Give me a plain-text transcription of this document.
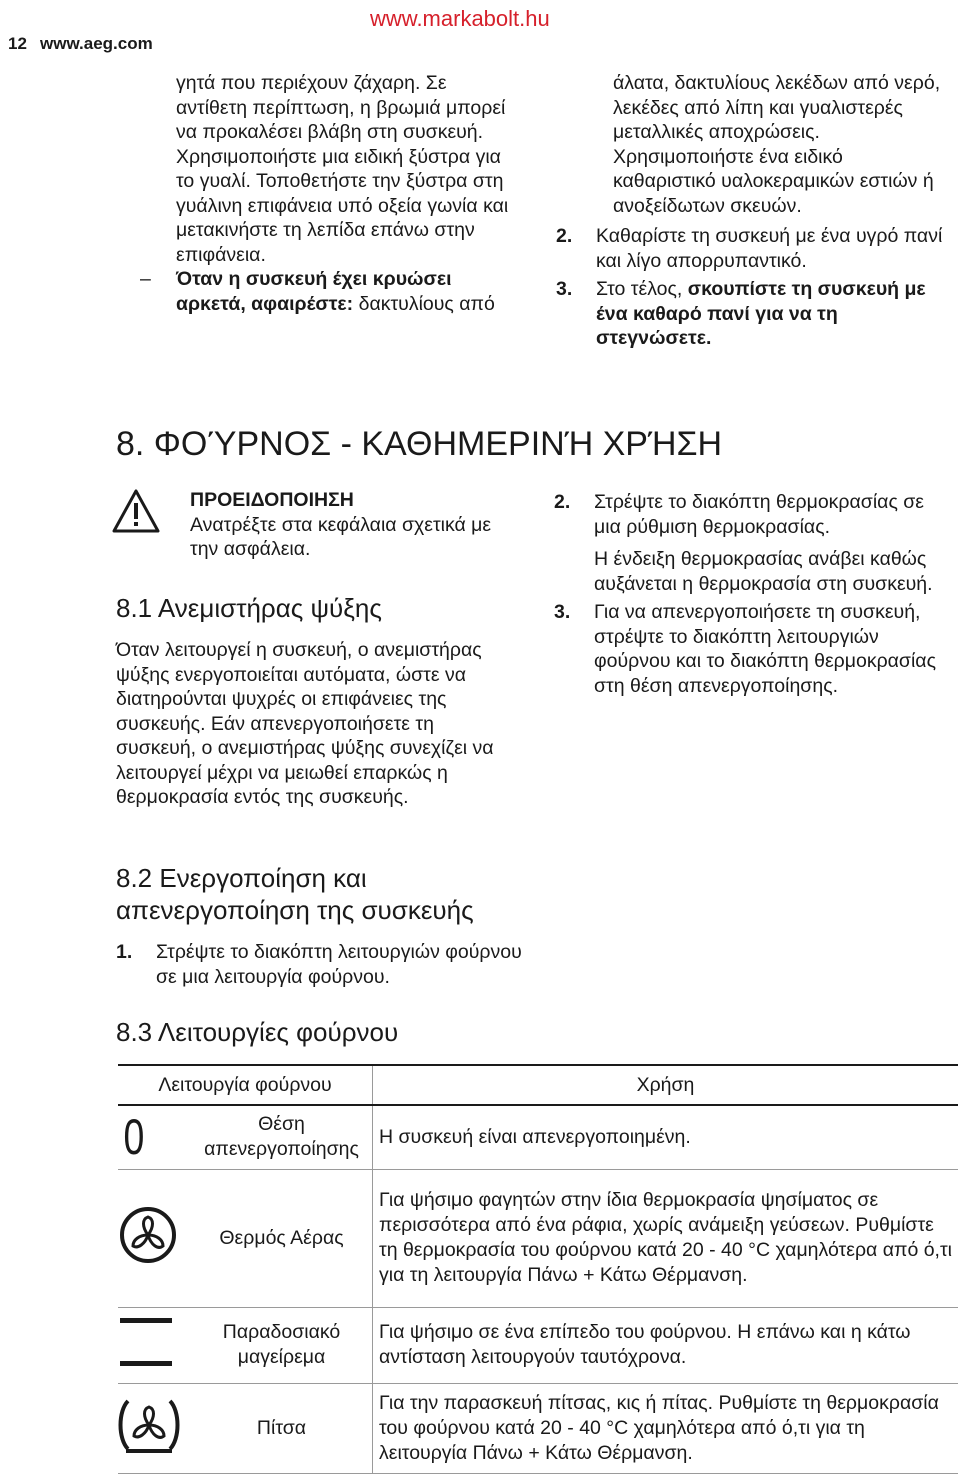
12 www.aeg.com
www.markabolt.hu

γητά που περιέχουν ζάχαρη. Σε αντίθετη περίπτωση, η βρωμιά μπορεί να προκαλέσει βλάβη στη συσκευή. Χρησιμοποιήστε μια ειδική ξύστρα για το γυαλί. Τοποθετήστε την ξύστρα στη γυάλινη επιφάνεια υπό οξεία γωνία και μετακινήστε τη λεπίδα επάνω στην επιφάνεια.

– Όταν η συσκευή έχει κρυώσει αρκετά, αφαιρέστε: δακτυλίους από

άλατα, δακτυλίους λεκέδων από νερό, λεκέδες από λίπη και γυαλιστερές μεταλλικές αποχρώσεις. Χρησιμοποιήστε ένα ειδικό καθαριστικό υαλοκεραμικών εστιών ή ανοξείδωτων σκευών.

2. Καθαρίστε τη συσκευή με ένα υγρό πανί και λίγο απορρυπαντικό.
3. Στο τέλος, σκουπίστε τη συσκευή με ένα καθαρό πανί για να τη στεγνώσετε.
8. ΦΟΎΡΝΟΣ - ΚΑΘΗΜΕΡΙΝΉ ΧΡΉΣΗ
ΠΡΟΕΙΔΟΠΟΙΗΣΗ
Ανατρέξτε στα κεφάλαια σχετικά με την ασφάλεια.
8.1 Ανεμιστήρας ψύξης
Όταν λειτουργεί η συσκευή, ο ανεμιστήρας ψύξης ενεργοποιείται αυτόματα, ώστε να διατηρούνται ψυχρές οι επιφάνειες της συσκευής. Εάν απενεργοποιήσετε τη συσκευή, ο ανεμιστήρας ψύξης συνεχίζει να λειτουργεί μέχρι να μειωθεί επαρκώς η θερμοκρασία εντός της συσκευής.
8.2 Ενεργοποίηση και απενεργοποίηση της συσκευής
1. Στρέψτε το διακόπτη λειτουργιών φούρνου σε μια λειτουργία φούρνου.
2. Στρέψτε το διακόπτη θερμοκρασίας σε μια ρύθμιση θερμοκρασίας.
Η ένδειξη θερμοκρασίας ανάβει καθώς αυξάνεται η θερμοκρασία στη συσκευή.
3. Για να απενεργοποιήσετε τη συσκευή, στρέψτε το διακόπτη λειτουργιών φούρνου και το διακόπτη θερμοκρασίας στη θέση απενεργοποίησης.
8.3 Λειτουργίες φούρνου
Λειτουργία φούρνου		Χρήση
0	Θέση απενεργοποίησης	Η συσκευή είναι απενεργοποιημένη.
	Θερμός Αέρας	Για ψήσιμο φαγητών στην ίδια θερμοκρασία ψησίματος σε περισσότερα από ένα ράφια, χωρίς ανάμειξη γεύσεων. Ρυθμίστε τη θερμοκρασία του φούρνου κατά 20 - 40 °C χαμηλότερα από ό,τι για τη λειτουργία Πάνω + Κάτω Θέρμανση.
	Παραδοσιακό μαγείρεμα	Για ψήσιμο σε ένα επίπεδο του φούρνου. Η επάνω και η κάτω αντίσταση λειτουργούν ταυτόχρονα.
	Πίτσα	Για την παρασκευή πίτσας, κις ή πίτας. Ρυθμίστε τη θερμοκρασία του φούρνου κατά 20 - 40 °C χαμηλότερα από ό,τι για τη λειτουργία Πάνω + Κάτω Θέρμανση.
